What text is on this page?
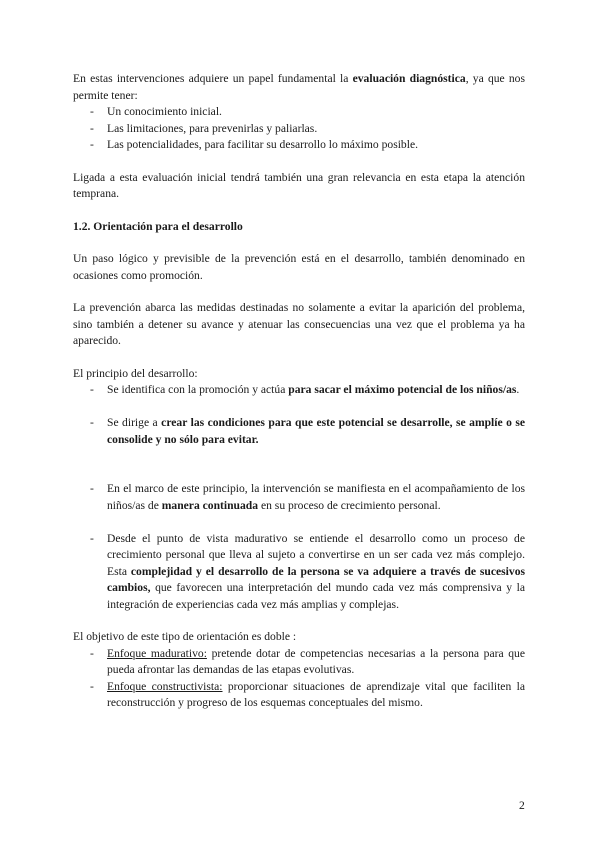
En estas intervenciones adquiere un papel fundamental la evaluación diagnóstica, ya que nos permite tener:

- Un conocimiento inicial.
- Las limitaciones, para prevenirlas y paliarlas.
- Las potencialidades, para facilitar su desarrollo lo máximo posible.

Ligada a esta evaluación inicial tendrá también una gran relevancia en esta etapa la atención temprana.

1.2. Orientación para el desarrollo

Un paso lógico y previsible de la prevención está en el desarrollo, también denominado en ocasiones como promoción.

La prevención abarca las medidas destinadas no solamente a evitar la aparición del problema, sino también a detener su avance y atenuar las consecuencias una vez que el problema ya ha aparecido.

El principio del desarrollo:

- Se identifica con la promoción y actúa para sacar el máximo potencial de los niños/as.
- Se dirige a crear las condiciones para que este potencial se desarrolle, se amplíe o se consolide y no sólo para evitar.
- En el marco de este principio, la intervención se manifiesta en el acompañamiento de los niños/as de manera continuada en su proceso de crecimiento personal.
- Desde el punto de vista madurativo se entiende el desarrollo como un proceso de crecimiento personal que lleva al sujeto a convertirse en un ser cada vez más complejo. Esta complejidad y el desarrollo de la persona se va adquiere a través de sucesivos cambios, que favorecen una interpretación del mundo cada vez más comprensiva y la integración de experiencias cada vez más amplias y complejas.

El objetivo de este tipo de orientación es doble :

- Enfoque madurativo: pretende dotar de competencias necesarias a la persona para que pueda afrontar las demandas de las etapas evolutivas.
- Enfoque constructivista: proporcionar situaciones de aprendizaje vital que faciliten la reconstrucción y progreso de los esquemas conceptuales del mismo.
2
